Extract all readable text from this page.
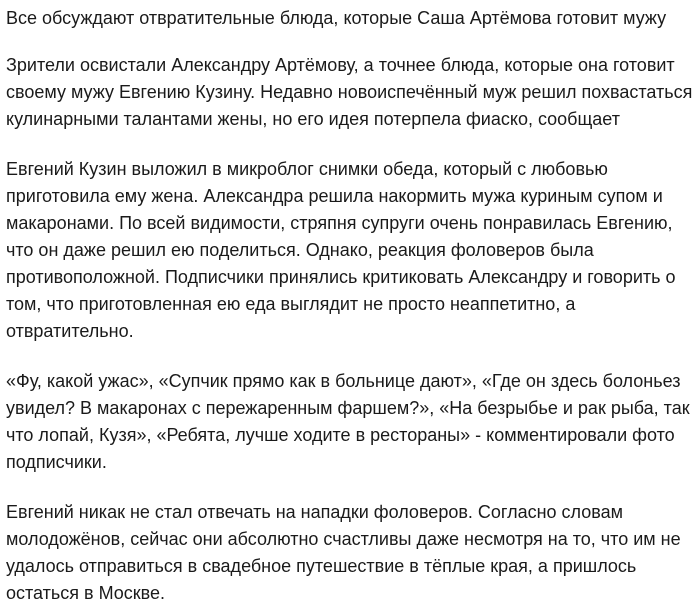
Все обсуждают отвратительные блюда, которые Саша Артёмова готовит мужу

Зрители освистали Александру Артёмову, а точнее блюда, которые она готовит своему мужу Евгению Кузину. Недавно новоиспечённый муж решил похвастаться кулинарными талантами жены, но его идея потерпела фиаско, сообщает

Евгений Кузин выложил в микроблог снимки обеда, который с любовью приготовила ему жена. Александра решила накормить мужа куриным супом и макаронами. По всей видимости, стряпня супруги очень понравилась Евгению, что он даже решил ею поделиться. Однако, реакция фоловеров была противоположной. Подписчики принялись критиковать Александру и говорить о том, что приготовленная ею еда выглядит не просто неаппетитно, а отвратительно.

«Фу, какой ужас», «Супчик прямо как в больнице дают», «Где он здесь болоньез увидел? В макаронах с пережаренным фаршем?», «На безрыбье и рак рыба, так что лопай, Кузя», «Ребята, лучше ходите в рестораны» - комментировали фото подписчики.

Евгений никак не стал отвечать на нападки фоловеров. Согласно словам молодожёнов, сейчас они абсолютно счастливы даже несмотря на то, что им не удалось отправиться в свадебное путешествие в тёплые края, а пришлось остаться в Москве.
